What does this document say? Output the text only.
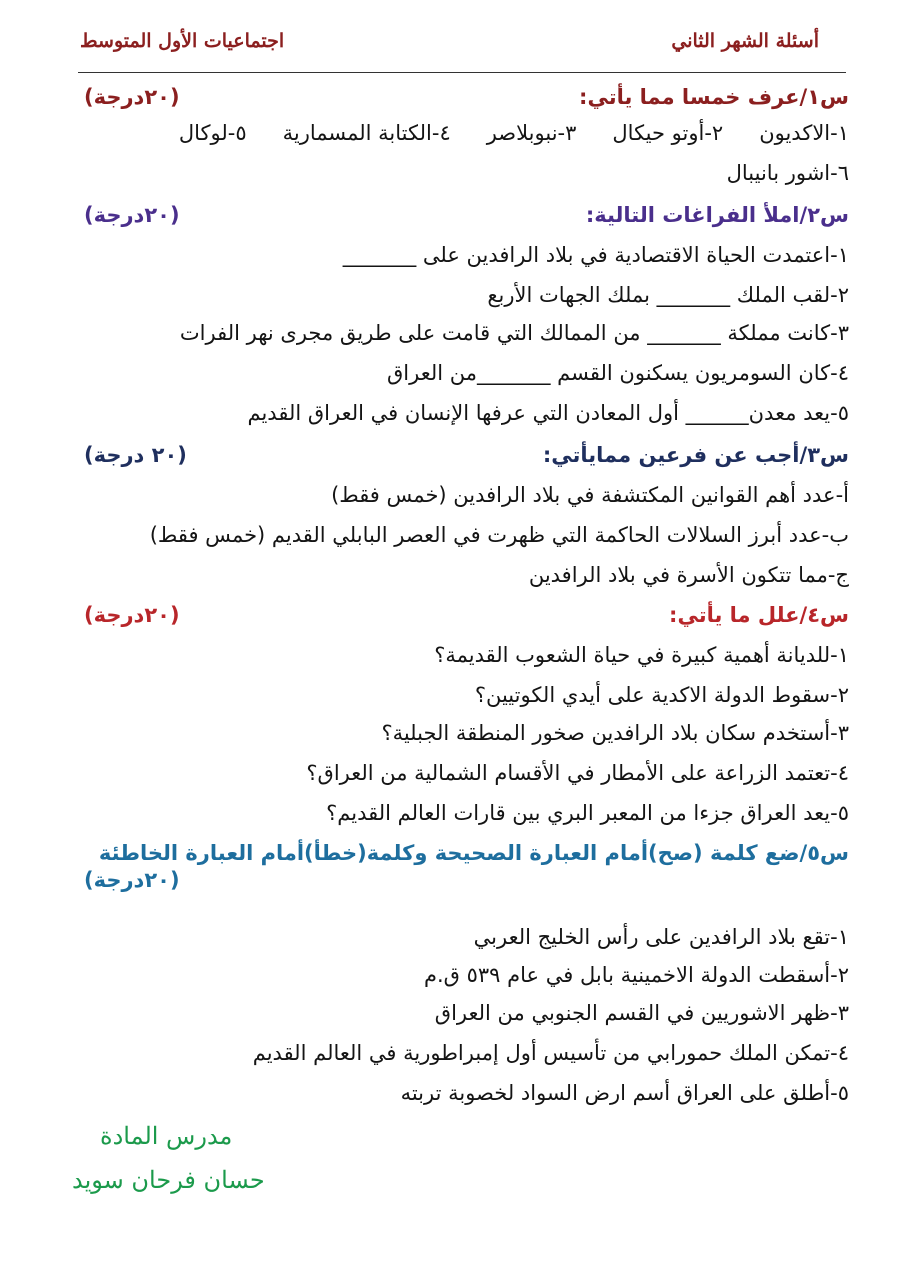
أسئلة الشهر الثاني
اجتماعيات الأول المتوسط
س١/عرف خمسا مما يأتي:
(٢٠درجة)
١-الاكديون
٢-أوتو حيكال
٣-نبوبلاصر
٤-الكتابة المسمارية
٥-لوكال
٦-اشور بانيبال
س٢/املأ الفراغات التالية:
(٢٠درجة)
١-اعتمدت الحياة الاقتصادية في بلاد الرافدين على _______
٢-لقب الملك _______ بملك الجهات الأربع
٣-كانت مملكة _______ من الممالك التي قامت على طريق مجرى نهر الفرات
٤-كان السومريون يسكنون القسم _______من العراق
٥-يعد معدن______ أول المعادن التي عرفها الإنسان في العراق القديم
س٣/أجب عن فرعين ممايأتي:
(٢٠ درجة)
أ-عدد أهم القوانين المكتشفة في بلاد الرافدين (خمس فقط)
ب-عدد أبرز السلالات الحاكمة التي ظهرت في العصر البابلي القديم (خمس فقط)
ج-مما تتكون الأسرة في بلاد الرافدين
س٤/علل ما يأتي:
(٢٠درجة)
١-للديانة أهمية كبيرة في حياة الشعوب القديمة؟
٢-سقوط الدولة الاكدية على أيدي الكوتيين؟
٣-أستخدم سكان بلاد الرافدين صخور المنطقة الجبلية؟
٤-تعتمد الزراعة على الأمطار في الأقسام الشمالية من العراق؟
٥-يعد العراق جزءا من المعبر البري بين قارات العالم القديم؟
س٥/ضع كلمة (صح)أمام العبارة الصحيحة وكلمة(خطأ)أمام العبارة الخاطئة
(٢٠درجة)
١-تقع بلاد الرافدين على رأس الخليج العربي
٢-أسقطت الدولة الاخمينية بابل في عام ٥٣٩ ق.م
٣-ظهر الاشوريين في القسم الجنوبي من العراق
٤-تمكن الملك حمورابي من تأسيس أول إمبراطورية في العالم القديم
٥-أطلق على العراق أسم ارض السواد لخصوبة تربته
مدرس المادة
حسان فرحان سويد
